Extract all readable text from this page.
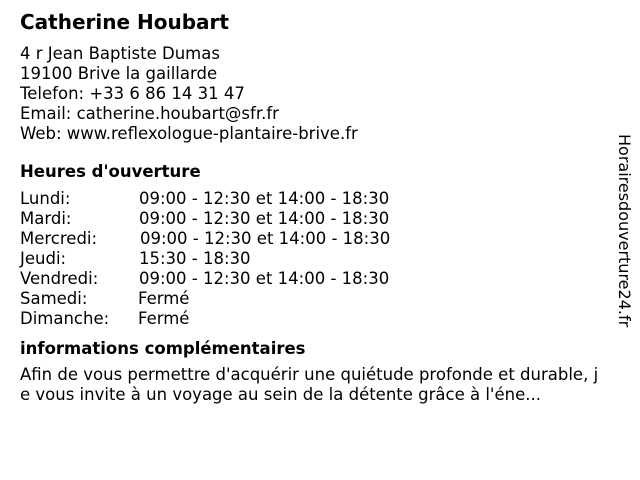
Catherine Houbart
4 r Jean Baptiste Dumas
19100 Brive la gaillarde
Telefon: +33 6 86 14 31 47
Email: catherine.houbart@sfr.fr
Web: www.reflexologue-plantaire-brive.fr
Heures d'ouverture
Lundi:	09:00 - 12:30 et 14:00 - 18:30
Mardi:	09:00 - 12:30 et 14:00 - 18:30
Mercredi:	09:00 - 12:30 et 14:00 - 18:30
Jeudi:	15:30 - 18:30
Vendredi: 09:00 - 12:30 et 14:00 - 18:30
Samedi:	Fermé
Dimanche: Fermé
informations complémentaires
Afin de vous permettre d'acquérir une quiétude profonde et durable, je vous invite à un voyage au sein de la détente grâce à l'éne...
Horairesdouverture24.fr
